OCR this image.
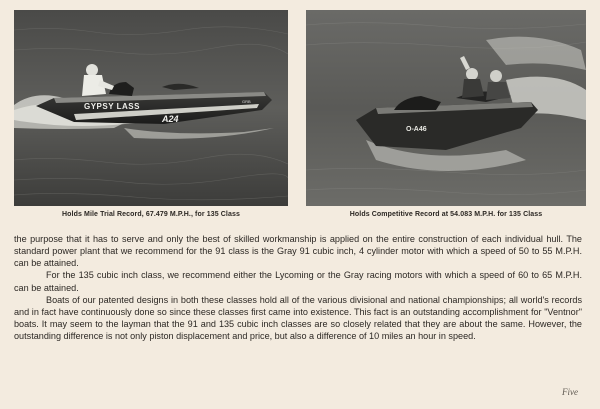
GYPSY LASS
A24
GRB
O-A46
Holds Mile Trial Record, 67.479 M.P.H., for 135 Class	Holds Competitive Record at 54.083 M.P.H. for 135 Class

the purpose that it has to serve and only the best of skilled workmanship is applied on the entire construction of each individual hull. The standard power plant that we recommend for the 91 class is the Gray 91 cubic inch, 4 cylinder motor with which a speed of 50 to 55 M.P.H. can be attained.

For the 135 cubic inch class, we recommend either the Lycoming or the Gray racing motors with which a speed of 60 to 65 M.P.H. can be attained.

Boats of our patented designs in both these classes hold all of the various divisional and national championships; all world's records and in fact have continuously done so since these classes first came into existence. This fact is an outstanding accomplishment for "Ventnor" boats. It may seem to the layman that the 91 and 135 cubic inch classes are so closely related that they are about the same. However, the outstanding difference is not only piston displacement and price, but also a difference of 10 miles an hour in speed.

Five
